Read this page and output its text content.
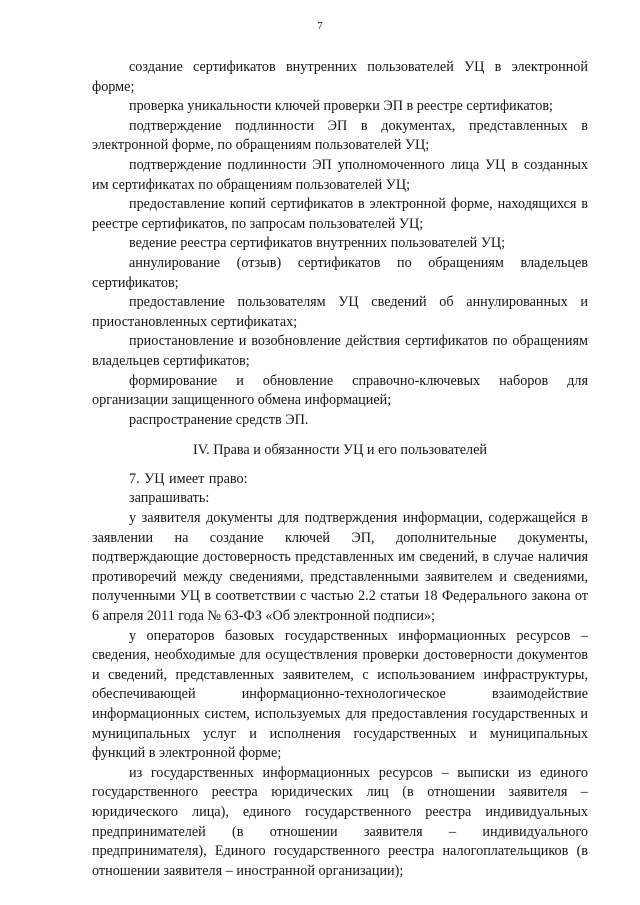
7

создание сертификатов внутренних пользователей УЦ в электронной форме;

проверка уникальности ключей проверки ЭП в реестре сертификатов;

подтверждение подлинности ЭП в документах, представленных в электронной форме, по обращениям пользователей УЦ;

подтверждение подлинности ЭП уполномоченного лица УЦ в созданных им сертификатах по обращениям пользователей УЦ;

предоставление копий сертификатов в электронной форме, находящихся в реестре сертификатов, по запросам пользователей УЦ;

ведение реестра сертификатов внутренних пользователей УЦ;

аннулирование (отзыв) сертификатов по обращениям владельцев сертификатов;

предоставление пользователям УЦ сведений об аннулированных и приостановленных сертификатах;

приостановление и возобновление действия сертификатов по обращениям владельцев сертификатов;

формирование и обновление справочно-ключевых наборов для организации защищенного обмена информацией;

распространение средств ЭП.

IV. Права и обязанности УЦ и его пользователей

7. УЦ имеет право:

запрашивать:

у заявителя документы для подтверждения информации, содержащейся в заявлении на создание ключей ЭП, дополнительные документы, подтверждающие достоверность представленных им сведений, в случае наличия противоречий между сведениями, представленными заявителем и сведениями, полученными УЦ в соответствии с частью 2.2 статьи 18 Федерального закона от 6 апреля 2011 года № 63-ФЗ «Об электронной подписи»;

у операторов базовых государственных информационных ресурсов – сведения, необходимые для осуществления проверки достоверности документов и сведений, представленных заявителем, с использованием инфраструктуры, обеспечивающей информационно-технологическое взаимодействие информационных систем, используемых для предоставления государственных и муниципальных услуг и исполнения государственных и муниципальных функций в электронной форме;

из государственных информационных ресурсов – выписки из единого государственного реестра юридических лиц (в отношении заявителя – юридического лица), единого государственного реестра индивидуальных предпринимателей (в отношении заявителя – индивидуального предпринимателя), Единого государственного реестра налогоплательщиков (в отношении заявителя – иностранной организации);
